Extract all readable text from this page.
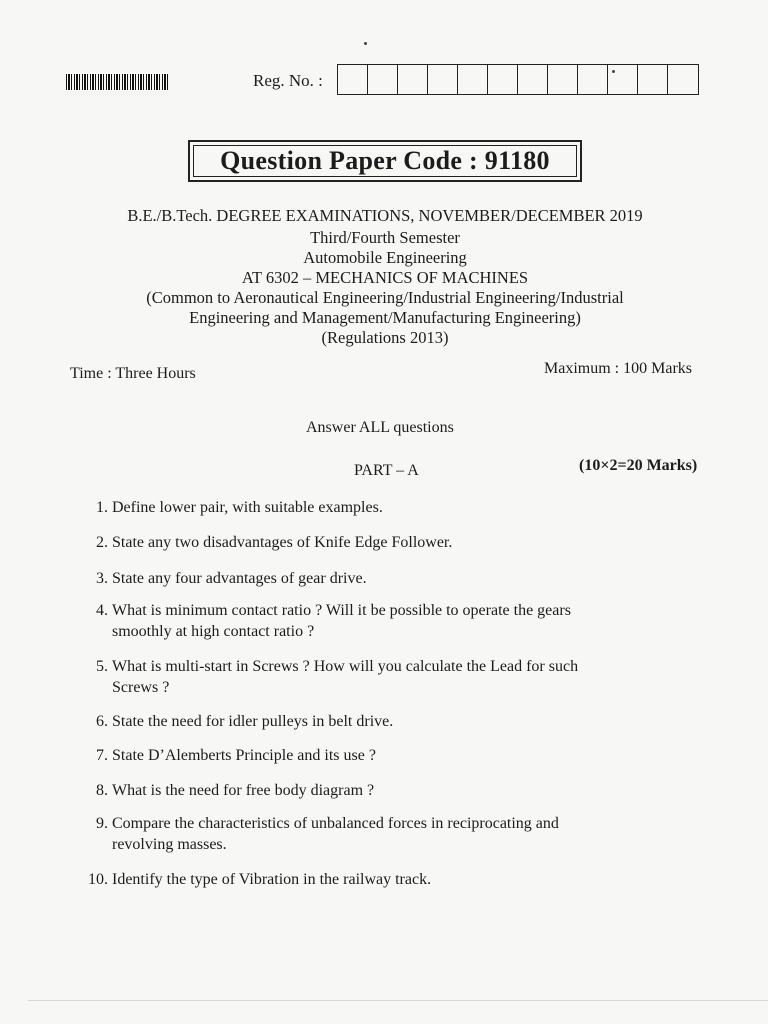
Reg. No. :
Question Paper Code : 91180
B.E./B.Tech. DEGREE EXAMINATIONS, NOVEMBER/DECEMBER 2019
Third/Fourth Semester
Automobile Engineering
AT 6302 – MECHANICS OF MACHINES
(Common to Aeronautical Engineering/Industrial Engineering/Industrial
Engineering and Management/Manufacturing Engineering)
(Regulations 2013)
Time : Three Hours	Maximum : 100 Marks
Answer ALL questions
PART – A	(10×2=20 Marks)
1. Define lower pair, with suitable examples.
2. State any two disadvantages of Knife Edge Follower.
3. State any four advantages of gear drive.
4. What is minimum contact ratio ? Will it be possible to operate the gears
smoothly at high contact ratio ?
5. What is multi-start in Screws ? How will you calculate the Lead for such
Screws ?
6. State the need for idler pulleys in belt drive.
7. State D’Alemberts Principle and its use ?
8. What is the need for free body diagram ?
9. Compare the characteristics of unbalanced forces in reciprocating and
revolving masses.
10. Identify the type of Vibration in the railway track.
